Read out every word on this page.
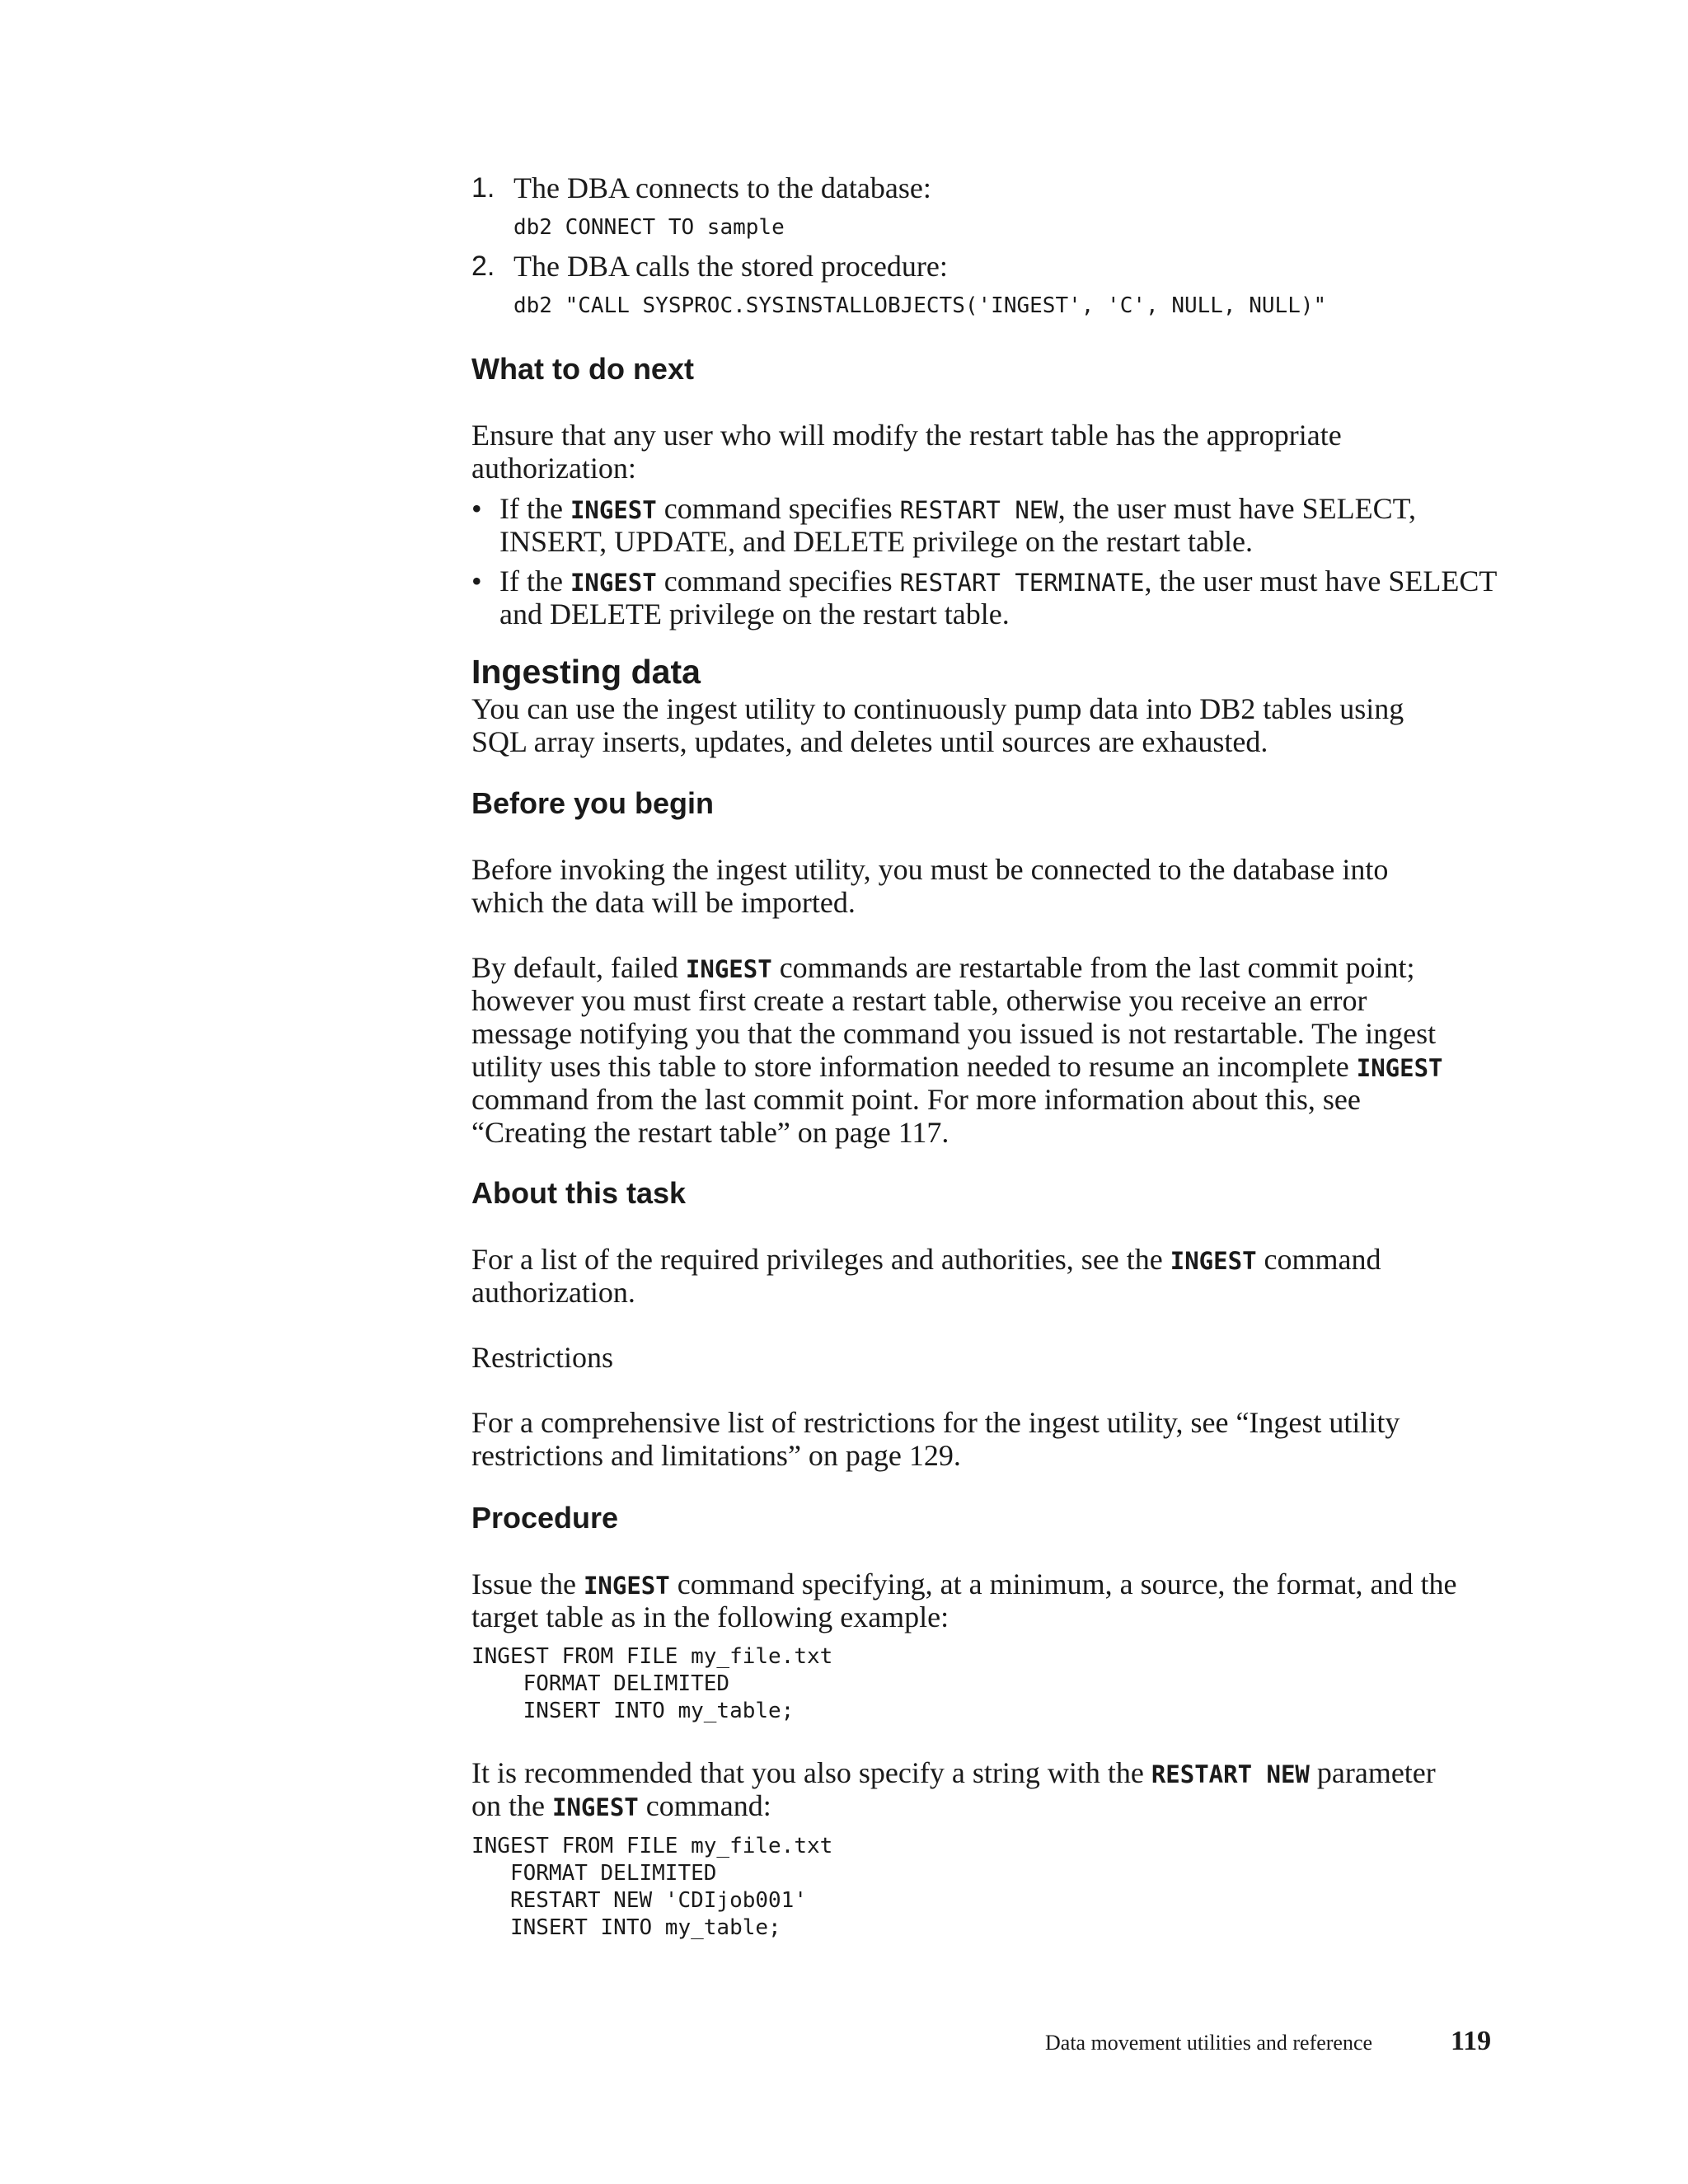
1. The DBA connects to the database:
db2 CONNECT TO sample
2. The DBA calls the stored procedure:
db2 "CALL SYSPROC.SYSINSTALLOBJECTS('INGEST', 'C', NULL, NULL)"
What to do next
Ensure that any user who will modify the restart table has the appropriate
authorization:
• If the INGEST command specifies RESTART NEW, the user must have SELECT,
INSERT, UPDATE, and DELETE privilege on the restart table.
• If the INGEST command specifies RESTART TERMINATE, the user must have SELECT
and DELETE privilege on the restart table.
Ingesting data
You can use the ingest utility to continuously pump data into DB2 tables using
SQL array inserts, updates, and deletes until sources are exhausted.
Before you begin
Before invoking the ingest utility, you must be connected to the database into
which the data will be imported.
By default, failed INGEST commands are restartable from the last commit point;
however you must first create a restart table, otherwise you receive an error
message notifying you that the command you issued is not restartable. The ingest
utility uses this table to store information needed to resume an incomplete INGEST
command from the last commit point. For more information about this, see
“Creating the restart table” on page 117.
About this task
For a list of the required privileges and authorities, see the INGEST command
authorization.
Restrictions
For a comprehensive list of restrictions for the ingest utility, see “Ingest utility
restrictions and limitations” on page 129.
Procedure
Issue the INGEST command specifying, at a minimum, a source, the format, and the
target table as in the following example:
INGEST FROM FILE my_file.txt
FORMAT DELIMITED
INSERT INTO my_table;
It is recommended that you also specify a string with the RESTART NEW parameter
on the INGEST command:
INGEST FROM FILE my_file.txt
FORMAT DELIMITED
RESTART NEW 'CDIjob001'
INSERT INTO my_table;
Data movement utilities and reference	119
